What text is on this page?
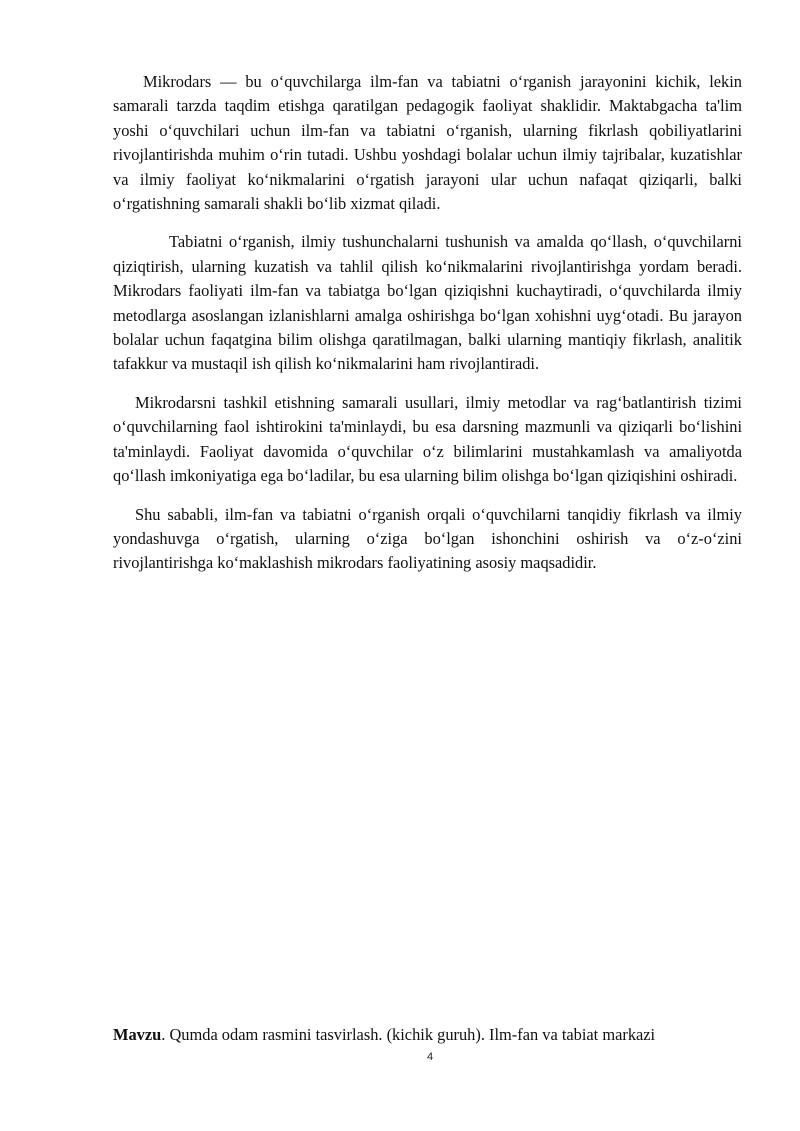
Mikrodars — bu o‘quvchilarga ilm-fan va tabiatni o‘rganish jarayonini kichik, lekin samarali tarzda taqdim etishga qaratilgan pedagogik faoliyat shaklidir. Maktabgacha ta'lim yoshi o‘quvchilari uchun ilm-fan va tabiatni o‘rganish, ularning fikrlash qobiliyatlarini rivojlantirishda muhim o‘rin tutadi. Ushbu yoshdagi bolalar uchun ilmiy tajribalar, kuzatishlar va ilmiy faoliyat ko‘nikmalarini o‘rgatish jarayoni ular uchun nafaqat qiziqarli, balki o‘rgatishning samarali shakli bo‘lib xizmat qiladi.

Tabiatni o‘rganish, ilmiy tushunchalarni tushunish va amalda qo‘llash, o‘quvchilarni qiziqtirish, ularning kuzatish va tahlil qilish ko‘nikmalarini rivojlantirishga yordam beradi. Mikrodars faoliyati ilm-fan va tabiatga bo‘lgan qiziqishni kuchaytiradi, o‘quvchilarda ilmiy metodlarga asoslangan izlanishlarni amalga oshirishga bo‘lgan xohishni uyg‘otadi. Bu jarayon bolalar uchun faqatgina bilim olishga qaratilmagan, balki ularning mantiqiy fikrlash, analitik tafakkur va mustaqil ish qilish ko‘nikmalarini ham rivojlantiradi.

Mikrodarsni tashkil etishning samarali usullari, ilmiy metodlar va rag‘batlantirish tizimi o‘quvchilarning faol ishtirokini ta'minlaydi, bu esa darsning mazmunli va qiziqarli bo‘lishini ta'minlaydi. Faoliyat davomida o‘quvchilar o‘z bilimlarini mustahkamlash va amaliyotda qo‘llash imkoniyatiga ega bo‘ladilar, bu esa ularning bilim olishga bo‘lgan qiziqishini oshiradi.

Shu sababli, ilm-fan va tabiatni o‘rganish orqali o‘quvchilarni tanqidiy fikrlash va ilmiy yondashuvga o‘rgatish, ularning o‘ziga bo‘lgan ishonchini oshirish va o‘z-o‘zini rivojlantirishga ko‘maklashish mikrodars faoliyatining asosiy maqsadidir.

Mavzu. Qumda odam rasmini tasvirlash. (kichik guruh). Ilm-fan va tabiat markazi

4
